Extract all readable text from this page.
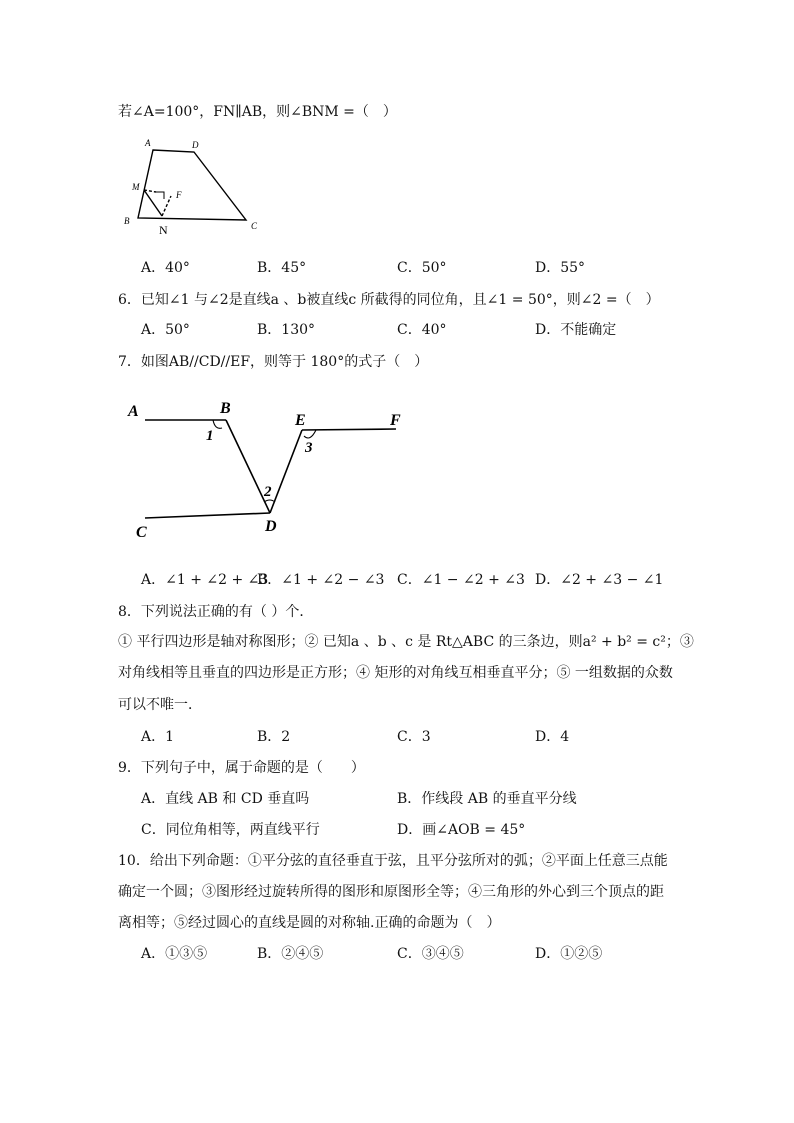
若∠A=100°，FN∥AB，则∠BNM =（　）
A	D
M
F
B
N	C
A．40°	B．45°	C．50°	D．55°
6．已知∠1 与∠2是直线a 、b被直线c 所截得的同位角，且∠1 = 50°，则∠2 =（　）
A．50°	B．130°	C．40°	D．不能确定
7．如图AB//CD//EF，则等于 180°的式子（　）
A	B
E	F
C	D
1
2
3
A．∠1 + ∠2 + ∠3
B．∠1 + ∠2 − ∠3 C．∠1 − ∠2 + ∠3 D．∠2 + ∠3 − ∠1
8．下列说法正确的有（ ）个．
① 平行四边形是轴对称图形；② 已知a 、b 、c 是 Rt△ABC 的三条边，则a² + b² = c²；③
对角线相等且垂直的四边形是正方形；④ 矩形的对角线互相垂直平分；⑤ 一组数据的众数
可以不唯一．
A．1	B．2	C．3	D．4
9．下列句子中，属于命题的是（　　）
A．直线 AB 和 CD 垂直吗	B．作线段 AB 的垂直平分线
C．同位角相等，两直线平行	D．画∠AOB = 45°
10．给出下列命题：①平分弦的直径垂直于弦，且平分弦所对的弧；②平面上任意三点能
确定一个圆；③图形经过旋转所得的图形和原图形全等；④三角形的外心到三个顶点的距
离相等；⑤经过圆心的直线是圆的对称轴.正确的命题为（　）
A．①③⑤	B．②④⑤	C．③④⑤	D．①②⑤
